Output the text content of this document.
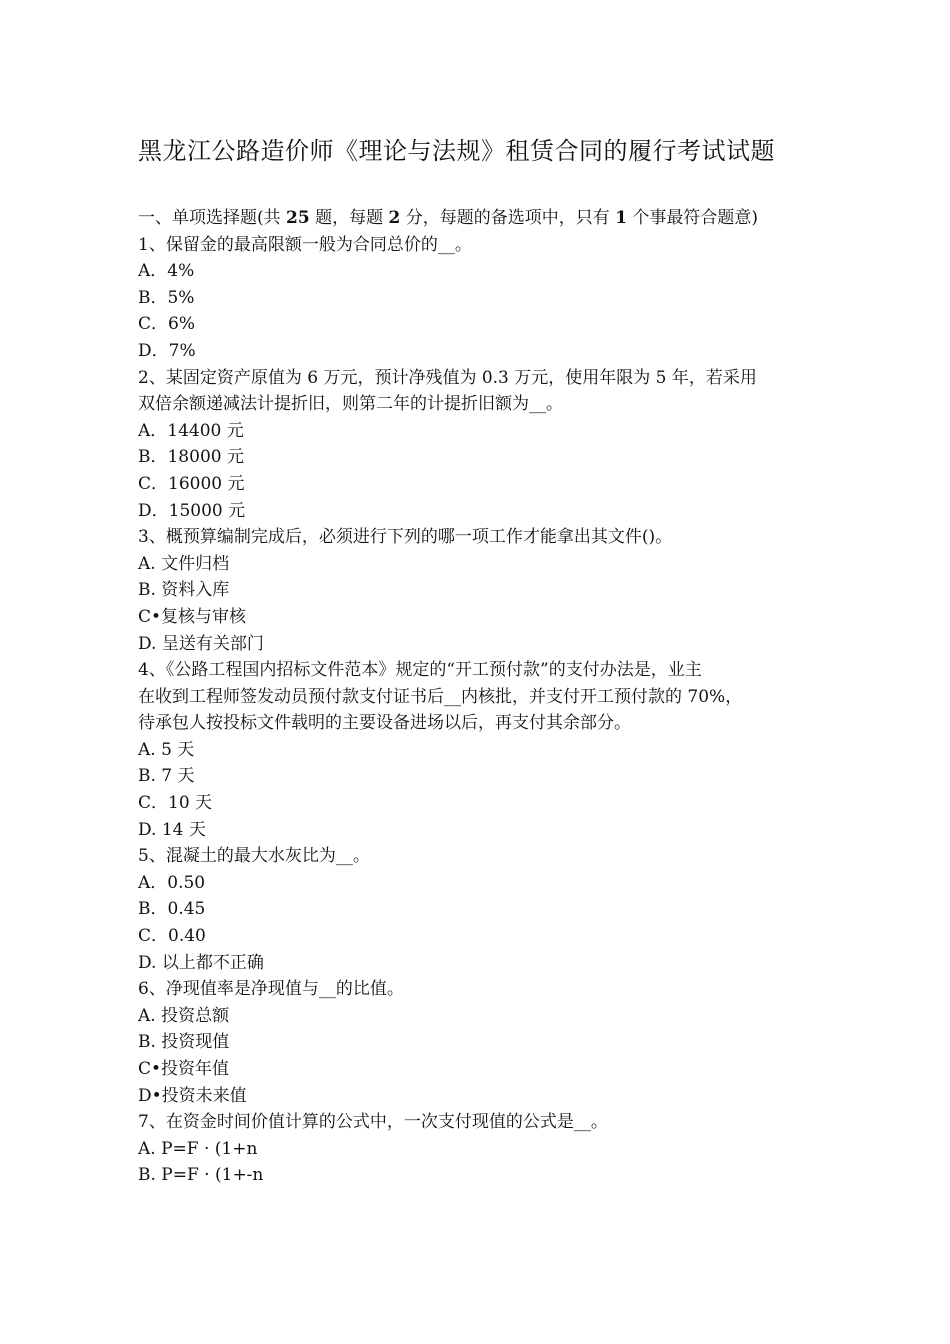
黑龙江公路造价师《理论与法规》租赁合同的履行考试试题
一、单项选择题(共 25 题，每题 2 分，每题的备选项中，只有 1 个事最符合题意)
1、保留金的最高限额一般为合同总价的__。
A．4%
B．5%
C．6%
D．7%
2、某固定资产原值为 6 万元，预计净残值为 0.3 万元，使用年限为 5 年，若采用
双倍余额递减法计提折旧，则第二年的计提折旧额为__。
A．14400 元
B．18000 元
C．16000 元
D．15000 元
3、概预算编制完成后，必须进行下列的哪一项工作才能拿出其文件()。
A. 文件归档
B. 资料入库
C•复核与审核
D. 呈送有关部门
4、《公路工程国内招标文件范本》规定的“开工预付款”的支付办法是，业主
在收到工程师签发动员预付款支付证书后__内核批，并支付开工预付款的 70%，
待承包人按投标文件载明的主要设备进场以后，再支付其余部分。
A. 5 天
B. 7 天
C．10 天
D. 14 天
5、混凝土的最大水灰比为__。
A．0.50
B．0.45
C．0.40
D. 以上都不正确
6、净现值率是净现值与__的比值。
A. 投资总额
B. 投资现值
C•投资年值
D•投资未来值
7、在资金时间价值计算的公式中，一次支付现值的公式是__。
A. P=F · (1+n
B. P=F · (1+-n
